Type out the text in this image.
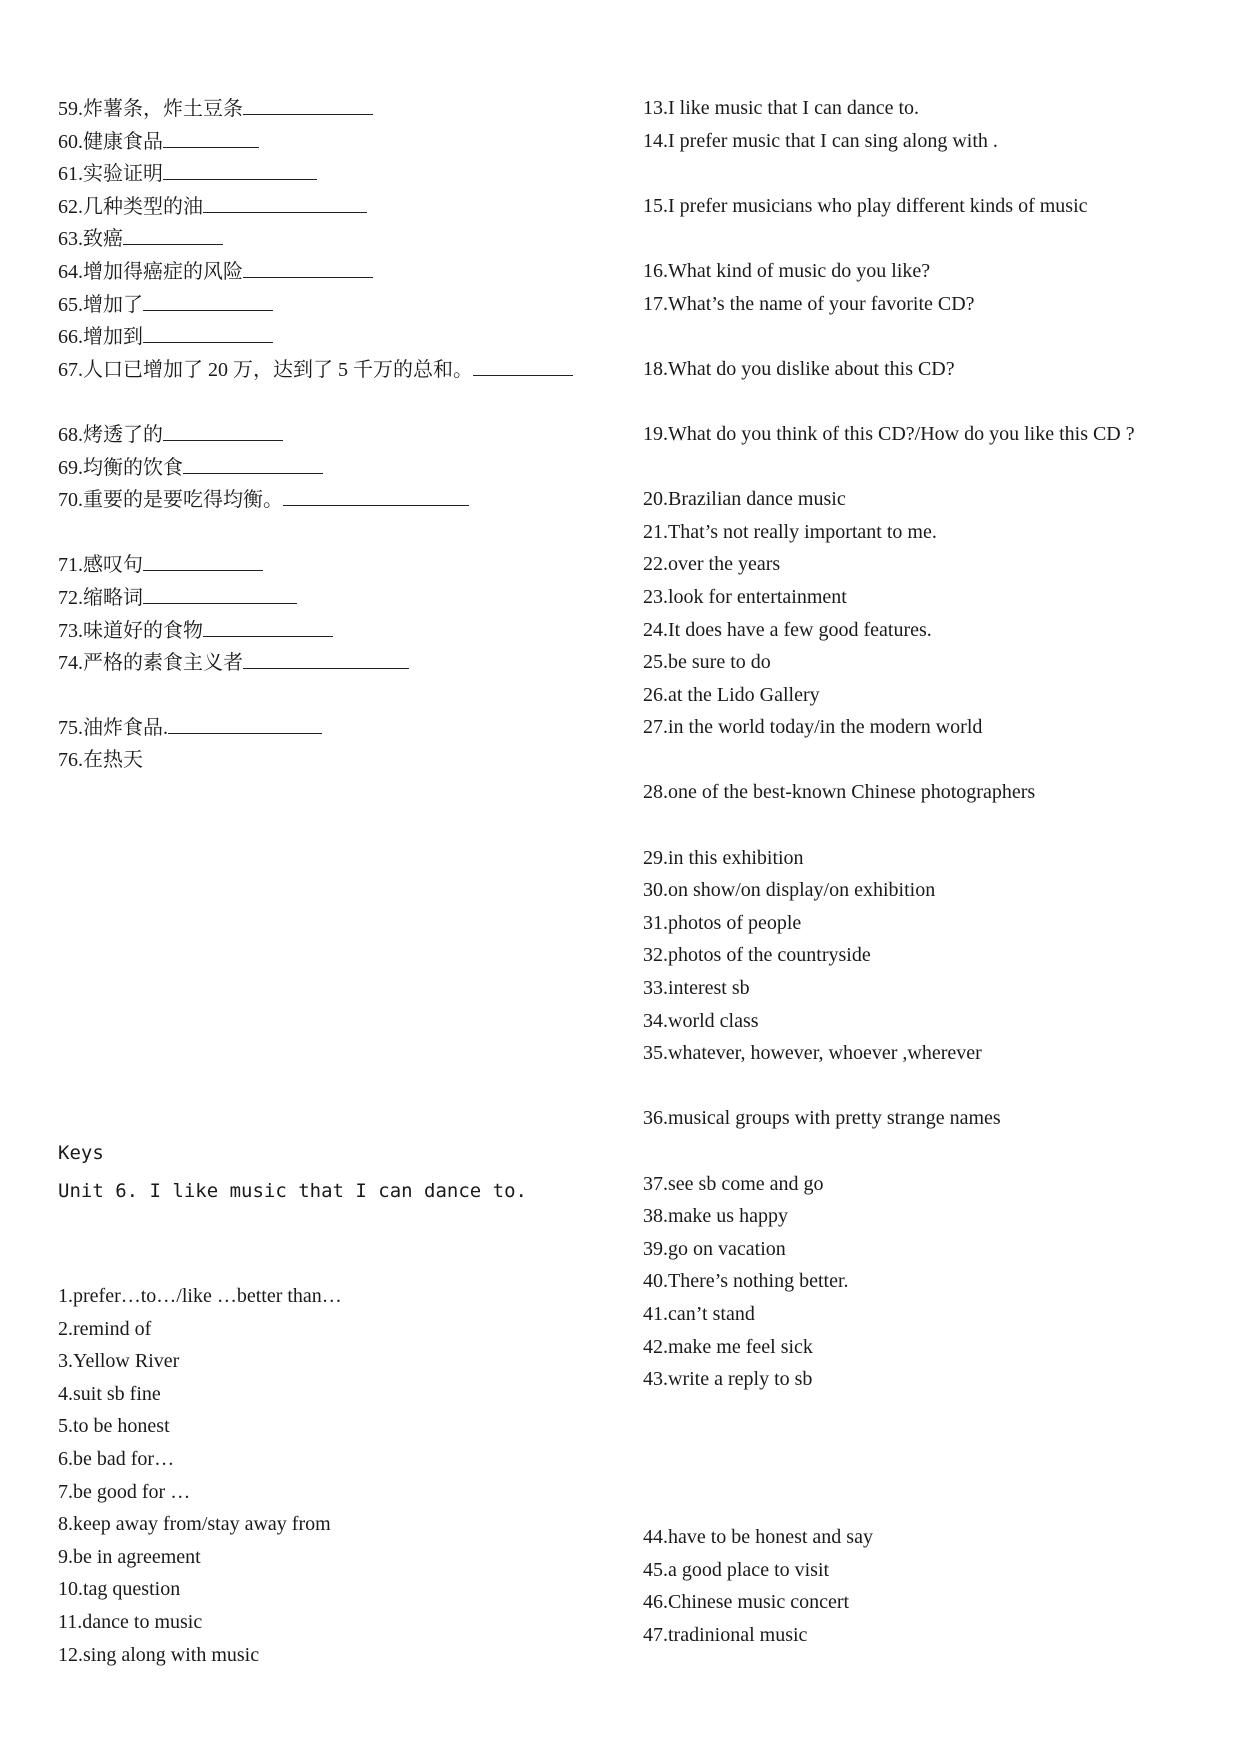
59.炸薯条，炸土豆条
60.健康食品
61.实验证明
62.几种类型的油
63.致癌
64.增加得癌症的风险
65.增加了
66.增加到
67.人口已增加了 20 万，达到了 5 千万的总和。
68.烤透了的
69.均衡的饮食
70.重要的是要吃得均衡。
71.感叹句
72.缩略词
73.味道好的食物
74.严格的素食主义者
75.油炸食品.
76.在热天
Keys
Unit 6. I like music that I can dance to.
1.prefer…to…/like …better than…
2.remind of
3.Yellow River
4.suit sb fine
5.to be honest
6.be bad for…
7.be good for …
8.keep away from/stay away from
9.be in agreement
10.tag question
11.dance to music
12.sing along with music
13.I like music that I can dance to.
14.I prefer music that I can sing along with .
15.I prefer musicians who play different kinds of music
16.What kind of music do you like?
17.What’s the name of your favorite CD?
18.What do you dislike about this CD?
19.What do you think of this CD?/How do you like this CD ?
20.Brazilian dance music
21.That’s not really important to me.
22.over the years
23.look for entertainment
24.It does have a few good features.
25.be sure to do
26.at the Lido Gallery
27.in the world today/in the modern world
28.one of the best-known Chinese photographers
29.in this exhibition
30.on show/on display/on exhibition
31.photos of people
32.photos of the countryside
33.interest sb
34.world class
35.whatever, however, whoever ,wherever
36.musical groups with pretty strange names
37.see sb come and go
38.make us happy
39.go on vacation
40.There’s nothing better.
41.can’t stand
42.make me feel sick
43.write a reply to sb
44.have to be honest and say
45.a good place to visit
46.Chinese music concert
47.tradinional music
